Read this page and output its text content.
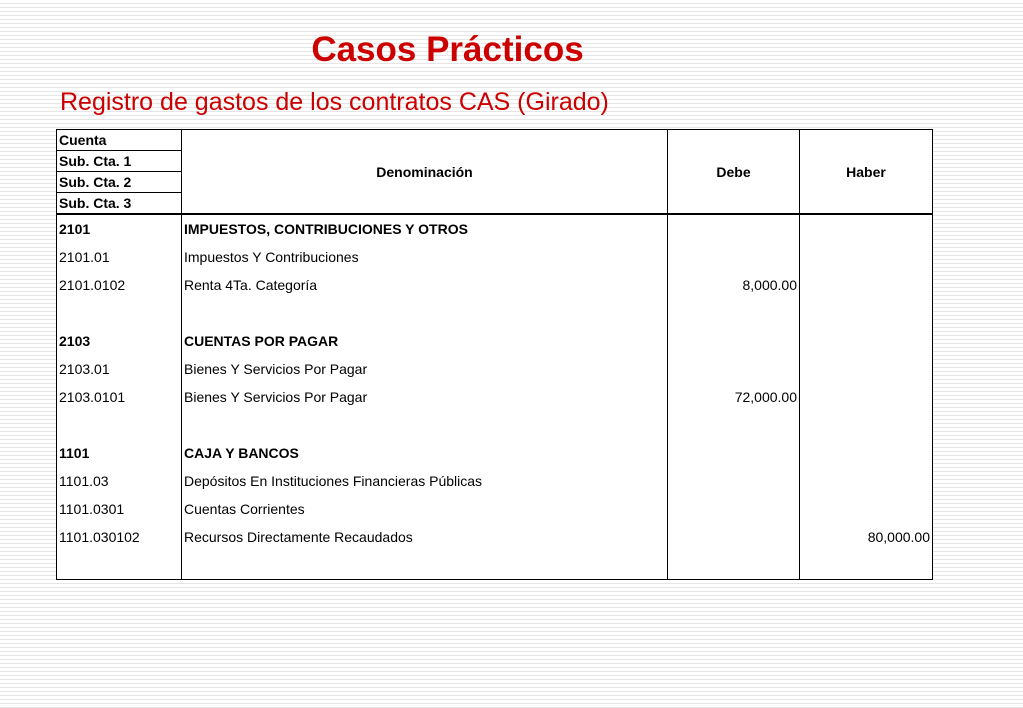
Casos Prácticos
Registro de gastos de los contratos CAS (Girado)
Cuenta	Denominación	Debe	Haber
Sub. Cta. 1			
Sub. Cta. 2			
Sub. Cta. 3			
2101	IMPUESTOS, CONTRIBUCIONES Y OTROS		
2101.01	Impuestos Y Contribuciones		
2101.0102	Renta 4Ta. Categoría	8,000.00	

2103	CUENTAS POR PAGAR		
2103.01	Bienes Y Servicios Por Pagar		
2103.0101	Bienes Y Servicios Por Pagar	72,000.00	

1101	CAJA Y BANCOS		
1101.03	Depósitos En Instituciones Financieras Públicas		
1101.0301	Cuentas Corrientes		
1101.030102	Recursos Directamente Recaudados		80,000.00
